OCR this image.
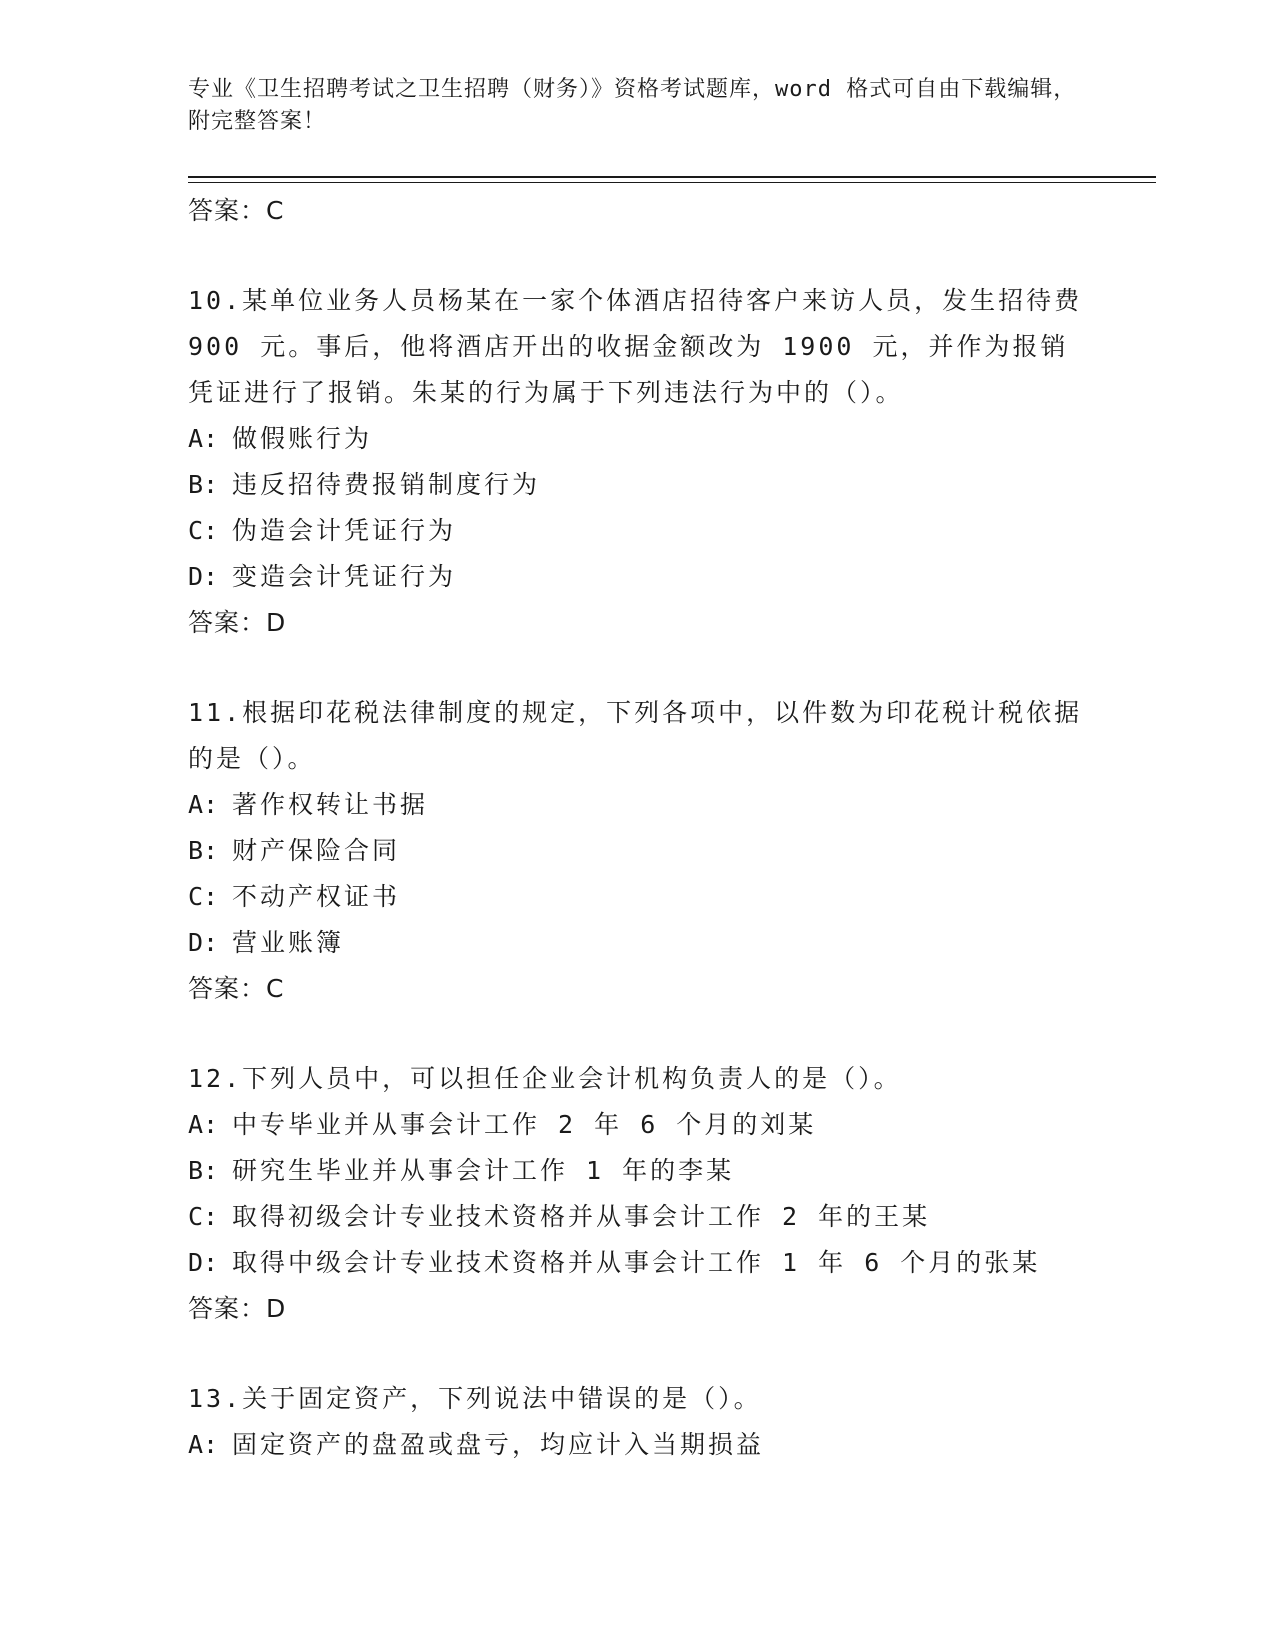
专业《卫生招聘考试之卫生招聘（财务）》资格考试题库，word 格式可自由下载编辑，附完整答案！
答案：C
10.某单位业务人员杨某在一家个体酒店招待客户来访人员，发生招待费 900 元。事后，他将酒店开出的收据金额改为 1900 元，并作为报销凭证进行了报销。朱某的行为属于下列违法行为中的（）。
A: 做假账行为
B: 违反招待费报销制度行为
C: 伪造会计凭证行为
D: 变造会计凭证行为
答案：D
11.根据印花税法律制度的规定，下列各项中，以件数为印花税计税依据的是（）。
A: 著作权转让书据
B: 财产保险合同
C: 不动产权证书
D: 营业账簿
答案：C
12.下列人员中，可以担任企业会计机构负责人的是（）。
A: 中专毕业并从事会计工作 2 年 6 个月的刘某
B: 研究生毕业并从事会计工作 1 年的李某
C: 取得初级会计专业技术资格并从事会计工作 2 年的王某
D: 取得中级会计专业技术资格并从事会计工作 1 年 6 个月的张某
答案：D
13.关于固定资产，下列说法中错误的是（）。
A: 固定资产的盘盈或盘亏，均应计入当期损益
